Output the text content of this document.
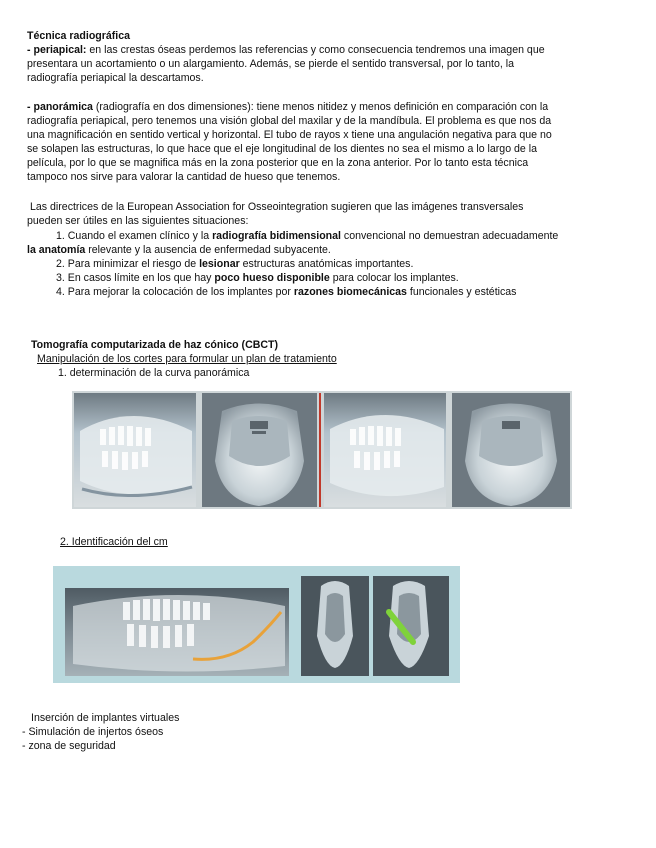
Técnica radiográfica
- periapical: en las crestas óseas perdemos las referencias y como consecuencia tendremos una imagen que
presentara un acortamiento o un alargamiento. Además, se pierde el sentido transversal, por lo tanto, la
radiografía periapical la descartamos.
- panorámica (radiografía en dos dimensiones): tiene menos nitidez y menos definición en comparación con la
radiografía periapical, pero tenemos una visión global del maxilar y de la mandíbula. El problema es que nos da
una magnificación en sentido vertical y horizontal. El tubo de rayos x tiene una angulación negativa para que no
se solapen las estructuras, lo que hace que el eje longitudinal de los dientes no sea el mismo a lo largo de la
película, por lo que se magnifica más en la zona posterior que en la zona anterior. Por lo tanto esta técnica
tampoco nos sirve para valorar la cantidad de hueso que tenemos.
Las directrices de la European Association for Osseointegration sugieren que las imágenes transversales
pueden ser útiles en las siguientes situaciones:
1. Cuando el examen clínico y la radiografía bidimensional convencional no demuestran adecuadamente
la anatomía relevante y la ausencia de enfermedad subyacente.
2. Para minimizar el riesgo de lesionar estructuras anatómicas importantes.
3. En casos límite en los que hay poco hueso disponible para colocar los implantes.
4. Para mejorar la colocación de los implantes por razones biomecánicas funcionales y estéticas
Tomografía computarizada de haz cónico (CBCT)
Manipulación de los cortes para formular un plan de tratamiento
1. determinación de la curva panorámica
2. Identificación del cm
Inserción de implantes virtuales
- Simulación de injertos óseos
- zona de seguridad
